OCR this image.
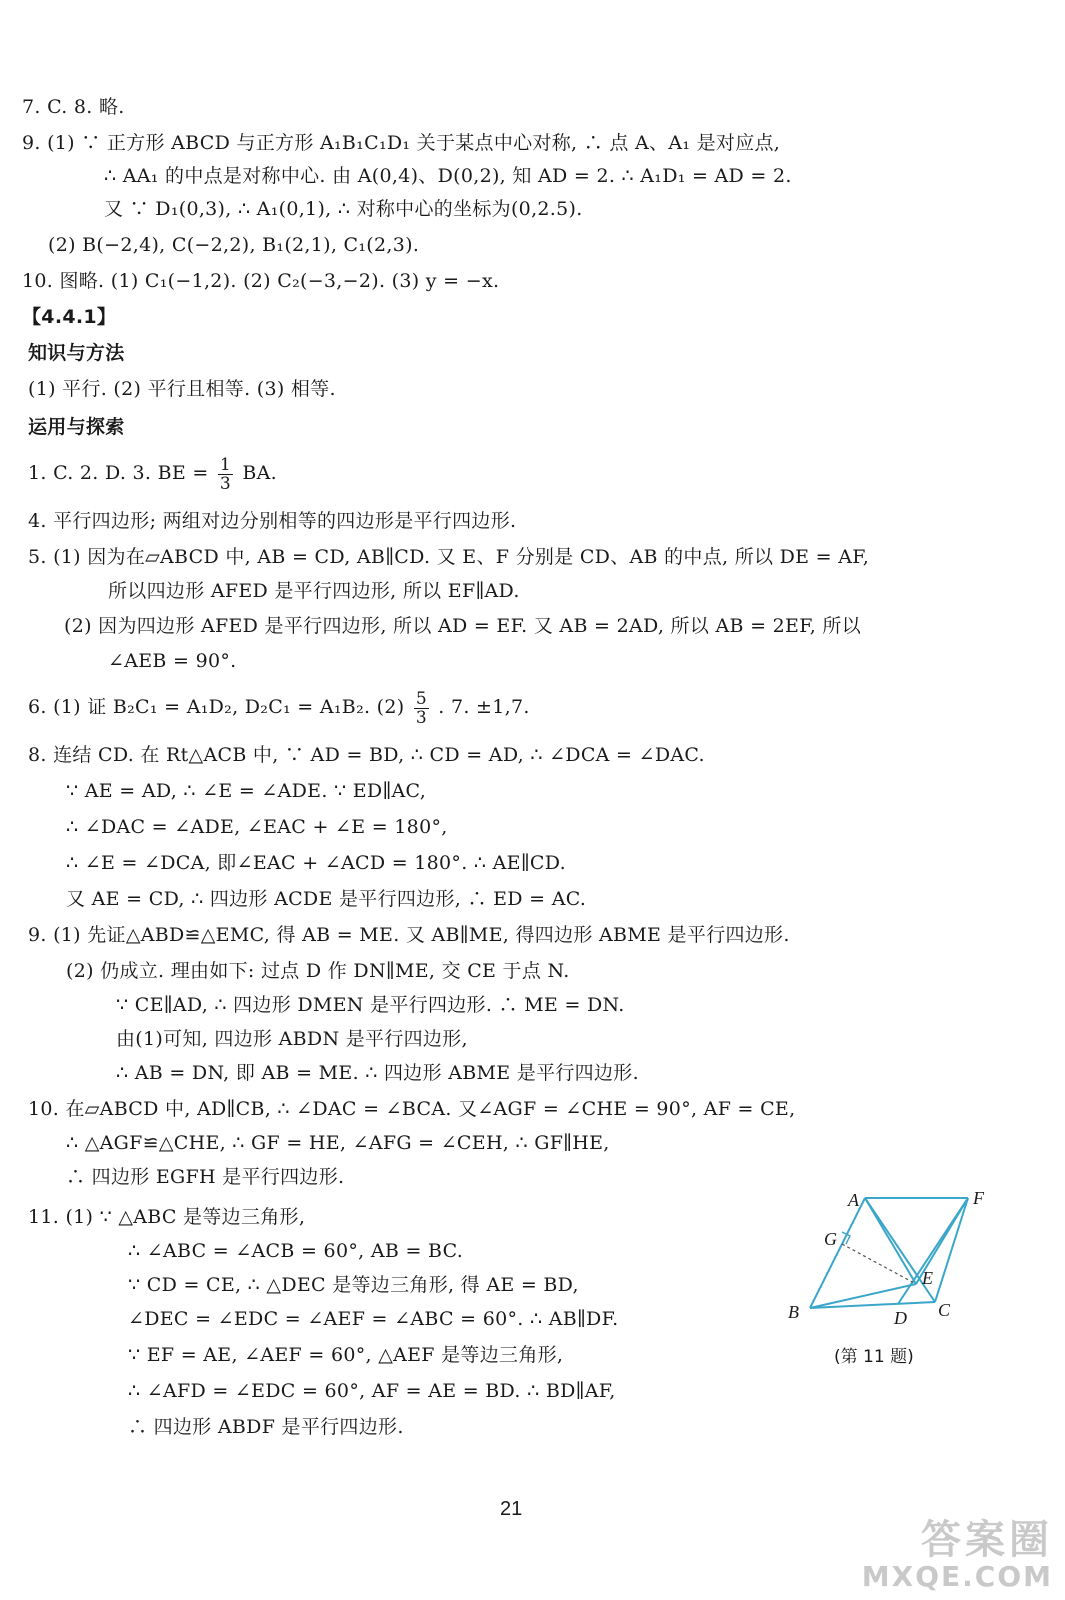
7. C. 8. 略.
9. (1) ∵ 正方形 ABCD 与正方形 A₁B₁C₁D₁ 关于某点中心对称, ∴ 点 A、A₁ 是对应点,
∴ AA₁ 的中点是对称中心. 由 A(0,4)、D(0,2), 知 AD = 2. ∴ A₁D₁ = AD = 2.
又 ∵ D₁(0,3), ∴ A₁(0,1), ∴ 对称中心的坐标为(0,2.5).
(2) B(−2,4), C(−2,2), B₁(2,1), C₁(2,3).
10. 图略. (1) C₁(−1,2). (2) C₂(−3,−2). (3) y = −x.
【4.4.1】
知识与方法
(1) 平行. (2) 平行且相等. (3) 相等.
运用与探索
1. C. 2. D. 3. BE = $\frac{1}{3}$ BA.
4. 平行四边形; 两组对边分别相等的四边形是平行四边形.
5. (1) 因为在▱ABCD 中, AB = CD, AB∥CD. 又 E、F 分别是 CD、AB 的中点, 所以 DE = AF,
所以四边形 AFED 是平行四边形, 所以 EF∥AD.
(2) 因为四边形 AFED 是平行四边形, 所以 AD = EF. 又 AB = 2AD, 所以 AB = 2EF, 所以
∠AEB = 90°.
6. (1) 证 B₂C₁ = A₁D₂, D₂C₁ = A₁B₂. $(2) \frac{5}{3}$ . 7. ±1,7.
8. 连结 CD. 在 Rt△ACB 中, ∵ AD = BD, ∴ CD = AD, ∴ ∠DCA = ∠DAC.
∵ AE = AD, ∴ ∠E = ∠ADE. ∵ ED∥AC,
∴ ∠DAC = ∠ADE, ∠EAC + ∠E = 180°,
∴ ∠E = ∠DCA, 即∠EAC + ∠ACD = 180°. ∴ AE∥CD.
又 AE = CD, ∴ 四边形 ACDE 是平行四边形, ∴ ED = AC.
9. (1) 先证△ABD≌△EMC, 得 AB = ME. 又 AB∥ME, 得四边形 ABME 是平行四边形.
(2) 仍成立. 理由如下: 过点 D 作 DN∥ME, 交 CE 于点 N.
∵ CE∥AD, ∴ 四边形 DMEN 是平行四边形. ∴ ME = DN.
由(1)可知, 四边形 ABDN 是平行四边形,
∴ AB = DN, 即 AB = ME. ∴ 四边形 ABME 是平行四边形.
10. 在▱ABCD 中, AD∥CB, ∴ ∠DAC = ∠BCA. 又∠AGF = ∠CHE = 90°, AF = CE,
∴ △AGF≌△CHE, ∴ GF = HE, ∠AFG = ∠CEH, ∴ GF∥HE,
∴ 四边形 EGFH 是平行四边形.
11. (1) ∵ △ABC 是等边三角形,
∴ ∠ABC = ∠ACB = 60°, AB = BC.
∵ CD = CE, ∴ △DEC 是等边三角形, 得 AE = BD,
∠DEC = ∠EDC = ∠AEF = ∠ABC = 60°. ∴ AB∥DF.
∵ EF = AE, ∠AEF = 60°, △AEF 是等边三角形,
∴ ∠AFD = ∠EDC = 60°, AF = AE = BD. ∴ BD∥AF,
∴ 四边形 ABDF 是平行四边形.
A	F
G
E
B	D C
(第 11 题)
21
答案圈
MXQE.COM
